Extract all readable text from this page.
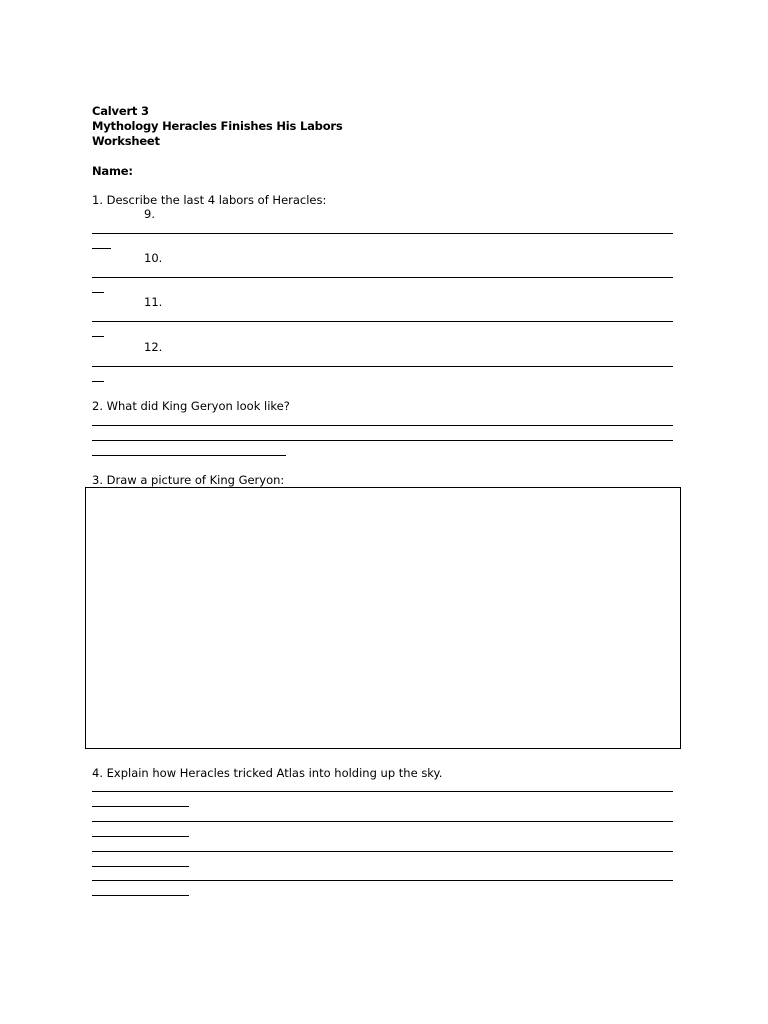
Calvert 3
Mythology Heracles Finishes His Labors
Worksheet
Name:
1. Describe the last 4 labors of Heracles:
9.
10.
11.
12.
2. What did King Geryon look like?
3. Draw a picture of King Geryon:
4. Explain how Heracles tricked Atlas into holding up the sky.
